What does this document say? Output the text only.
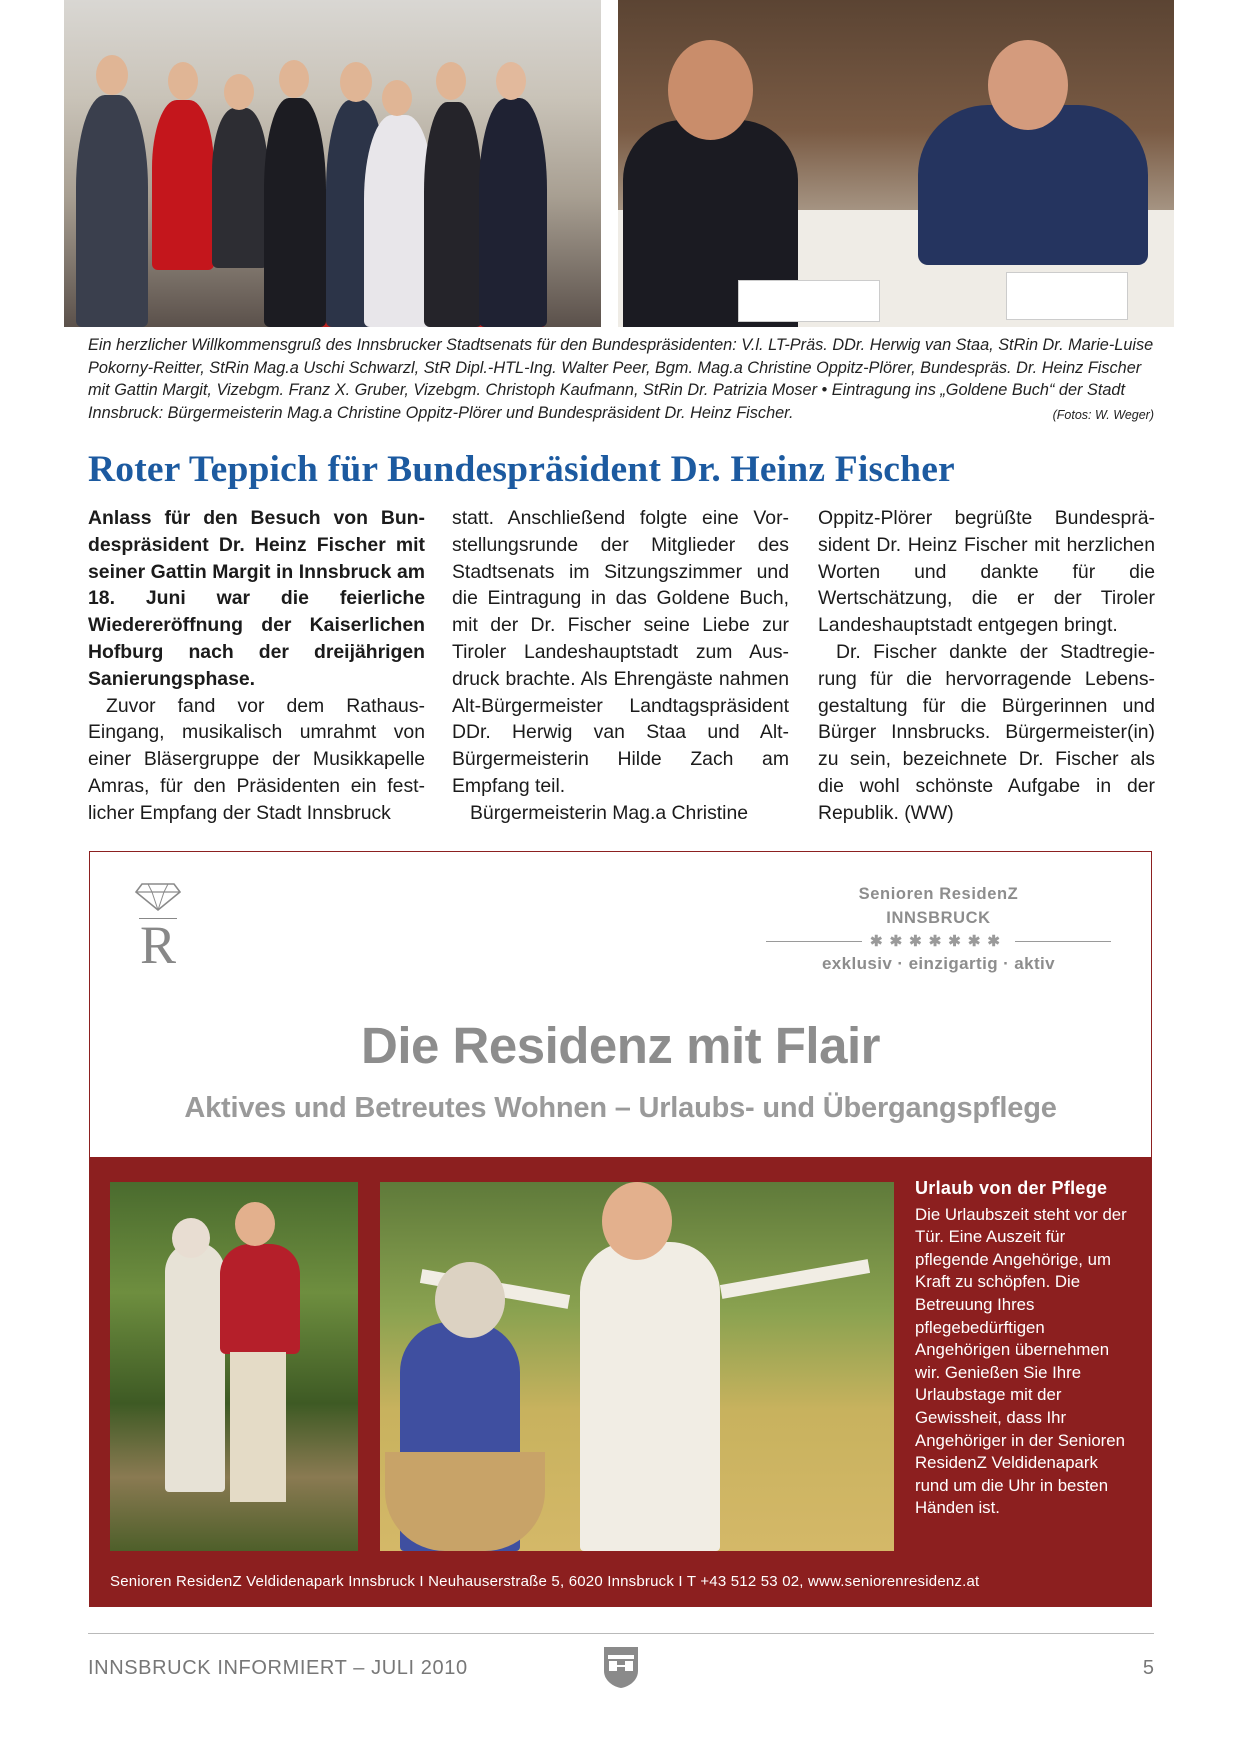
Ein herzlicher Willkommensgruß des Innsbrucker Stadtsenats für den Bundespräsidenten: V.l. LT-Präs. DDr. Herwig van Staa, StRin Dr. Marie-Luise Pokorny-Reitter, StRin Mag.a Uschi Schwarzl, StR Dipl.-HTL-Ing. Walter Peer, Bgm. Mag.a Christine Oppitz-Plörer, Bundespräs. Dr. Heinz Fischer mit Gattin Margit, Vizebgm. Franz X. Gruber, Vizebgm. Christoph Kaufmann, StRin Dr. Patrizia Moser • Eintragung ins „Goldene Buch“ der Stadt Innsbruck: Bürgermeisterin Mag.a Christine Oppitz-Plörer und Bundespräsident Dr. Heinz Fischer.	(Fotos: W. Weger)
Roter Teppich für Bundespräsident Dr. Heinz Fischer

Anlass für den Besuch von Bundespräsident Dr. Heinz Fischer mit seiner Gattin Margit in Innsbruck am 18. Juni war die feierliche Wiedereröffnung der Kaiserlichen Hofburg nach der dreijährigen Sanierungsphase.

Zuvor fand vor dem RathausEingang, musikalisch umrahmt von einer Bläsergruppe der Musikkapelle Amras, für den Präsidenten ein festlicher Empfang der Stadt Innsbruck

statt. Anschließend folgte eine Vorstellungsrunde der Mitglieder des Stadtsenats im Sitzungszimmer und die Eintragung in das Goldene Buch, mit der Dr. Fischer seine Liebe zur Tiroler Landeshauptstadt zum Ausdruck brachte. Als Ehrengäste nahmen Alt-Bürgermeister Landtagspräsident DDr. Herwig van Staa und Alt-Bürgermeisterin Hilde Zach am Empfang teil.

Bürgermeisterin Mag.a Christine

Oppitz-Plörer begrüßte Bundespräsident Dr. Heinz Fischer mit herzlichen Worten und dankte für die Wertschätzung, die er der Tiroler Landeshauptstadt entgegen bringt.

Dr. Fischer dankte der Stadtregierung für die hervorragende Lebensgestaltung für die Bürgerinnen und Bürger Innsbrucks. Bürgermeister(in) zu sein, bezeichnete Dr. Fischer als die wohl schönste Aufgabe in der Republik. (WW)

R
Senioren ResidenZ
INNSBRUCK
✱✱✱✱✱✱✱
exklusiv · einzigartig · aktiv
Die Residenz mit Flair
Aktives und Betreutes Wohnen – Urlaubs- und Übergangspflege
Urlaub von der Pflege
Die Urlaubszeit steht vor der Tür. Eine Auszeit für pflegende Angehörige, um Kraft zu schöpfen. Die Betreuung Ihres pflegebedürftigen Angehörigen übernehmen wir. Genießen Sie Ihre Urlaubstage mit der Gewissheit, dass Ihr Angehöriger in der Senioren ResidenZ Veldidenapark rund um die Uhr in besten Händen ist.
Senioren ResidenZ Veldidenapark Innsbruck I Neuhauserstraße 5, 6020 Innsbruck I T +43 512 53 02, www.seniorenresidenz.at
INNSBRUCK INFORMIERT – JULI 2010	5
